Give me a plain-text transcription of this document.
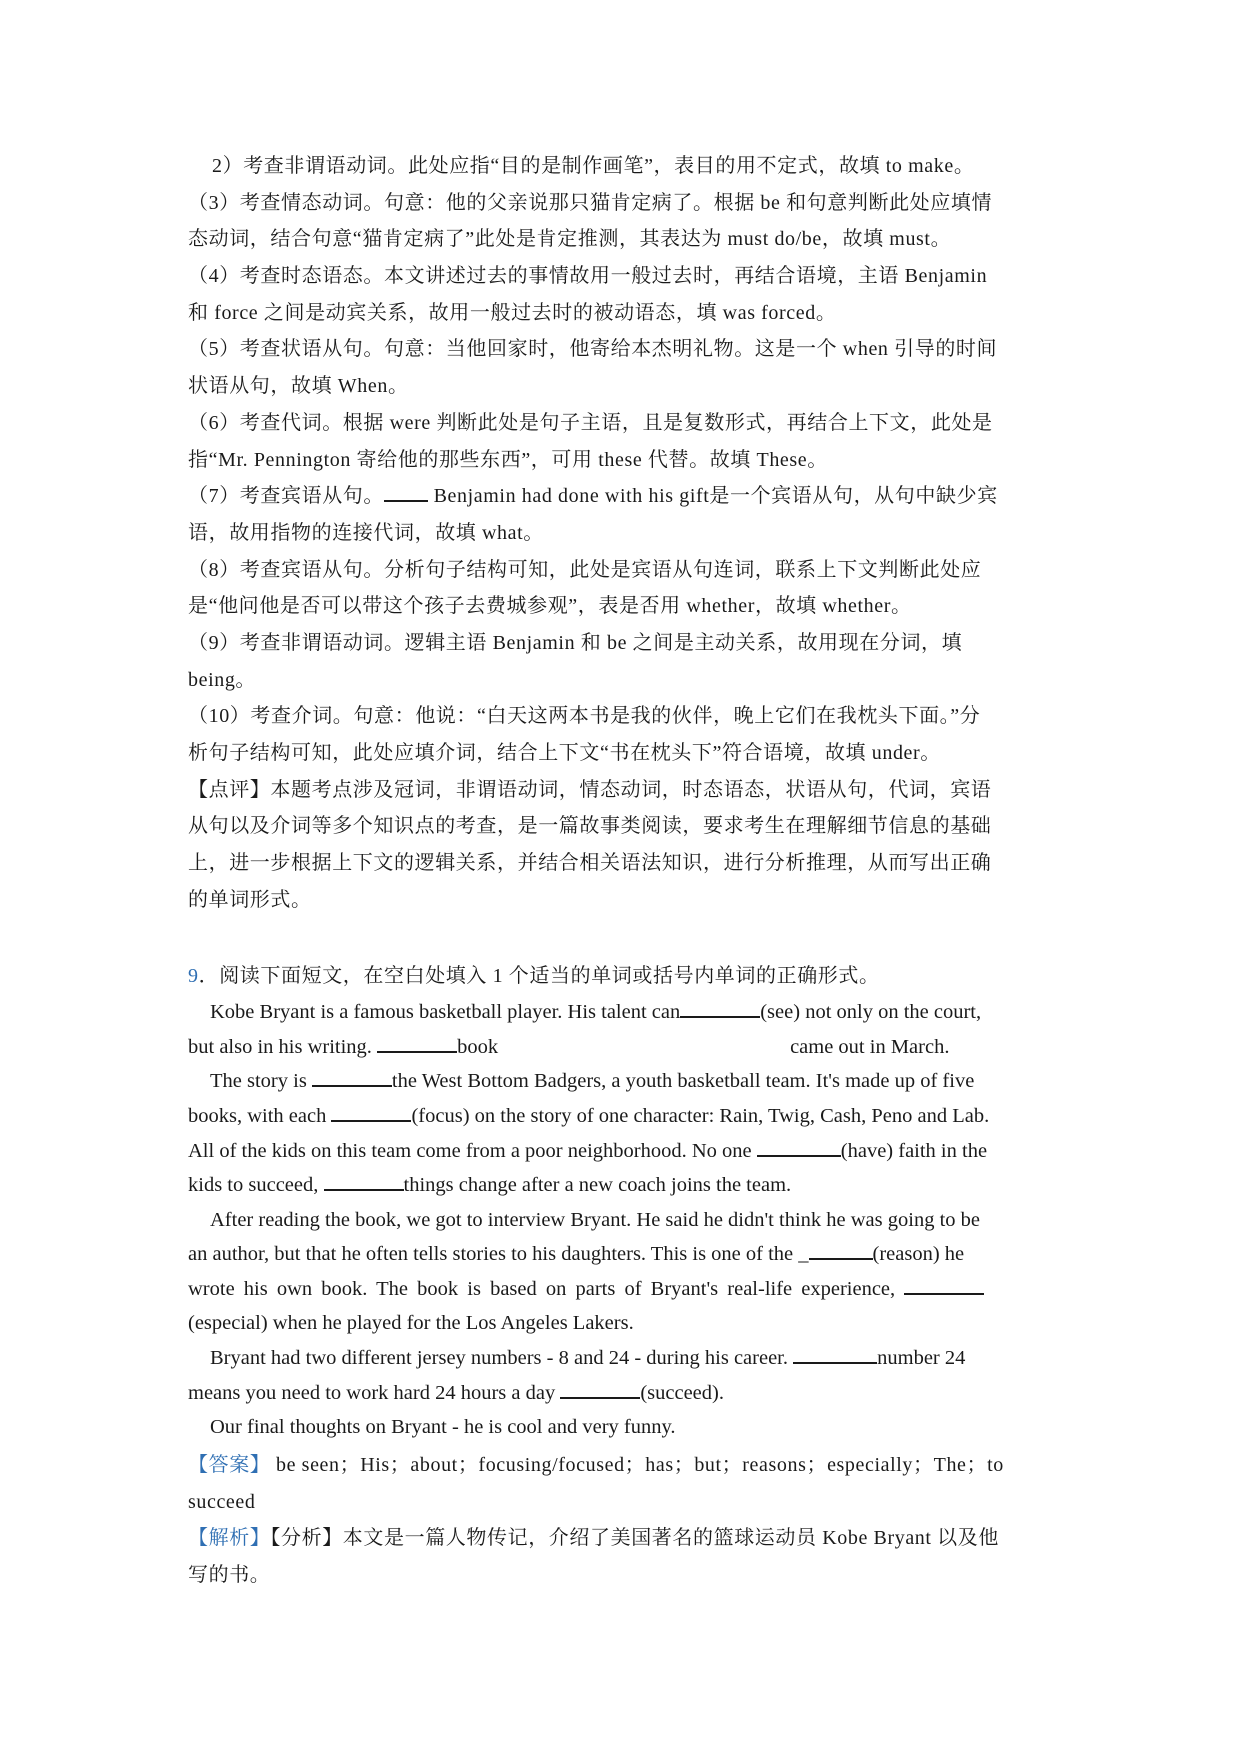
2）考查非谓语动词。此处应指“目的是制作画笔”，表目的用不定式，故填 to make。
（3）考查情态动词。句意：他的父亲说那只猫肯定病了。根据 be 和句意判断此处应填情
态动词，结合句意“猫肯定病了”此处是肯定推测，其表达为 must do/be，故填 must。
（4）考查时态语态。本文讲述过去的事情故用一般过去时，再结合语境，主语 Benjamin
和 force 之间是动宾关系，故用一般过去时的被动语态，填 was forced。
（5）考查状语从句。句意：当他回家时，他寄给本杰明礼物。这是一个 when 引导的时间
状语从句，故填 When。
（6）考查代词。根据 were 判断此处是句子主语，且是复数形式，再结合上下文，此处是
指“Mr. Pennington 寄给他的那些东西”，可用 these 代替。故填 These。
（7）考查宾语从句。 Benjamin had done with his gift是一个宾语从句，从句中缺少宾
语，故用指物的连接代词，故填 what。
（8）考查宾语从句。分析句子结构可知，此处是宾语从句连词，联系上下文判断此处应
是“他问他是否可以带这个孩子去费城参观”，表是否用 whether，故填 whether。
（9）考查非谓语动词。逻辑主语 Benjamin 和 be 之间是主动关系，故用现在分词，填
being。
（10）考查介词。句意：他说：“白天这两本书是我的伙伴，晚上它们在我枕头下面。”分
析句子结构可知，此处应填介词，结合上下文“书在枕头下”符合语境，故填 under。
【点评】本题考点涉及冠词，非谓语动词，情态动词，时态语态，状语从句，代词，宾语
从句以及介词等多个知识点的考查，是一篇故事类阅读，要求考生在理解细节信息的基础
上，进一步根据上下文的逻辑关系，并结合相关语法知识，进行分析推理，从而写出正确
的单词形式。
9．阅读下面短文，在空白处填入 1 个适当的单词或括号内单词的正确形式。
Kobe Bryant is a famous basketball player. His talent can	(see) not only on the court,
but also in his writing.	book	came out in March.
The story is	the West Bottom Badgers, a youth basketball team. It's made up of five
books, with each	(focus) on the story of one character: Rain, Twig, Cash, Peno and Lab.
All of the kids on this team come from a poor neighborhood. No one	(have) faith in the
kids to succeed,	things change after a new coach joins the team.
After reading the book, we got to interview Bryant. He said he didn't think he was going to be
an author, but that he often tells stories to his daughters. This is one of the _	(reason) he
wrote his own book. The book is based on parts of Bryant's real-life experience,
(especial) when he played for the Los Angeles Lakers.
Bryant had two different jersey numbers - 8 and 24 - during his career.	number 24
means you need to work hard 24 hours a day	(succeed).
Our final thoughts on Bryant - he is cool and very funny.
【答案】 be seen；His；about；focusing/focused；has；but；reasons；especially；The；to
succeed
【解析】【分析】本文是一篇人物传记，介绍了美国著名的篮球运动员 Kobe Bryant 以及他
写的书。
